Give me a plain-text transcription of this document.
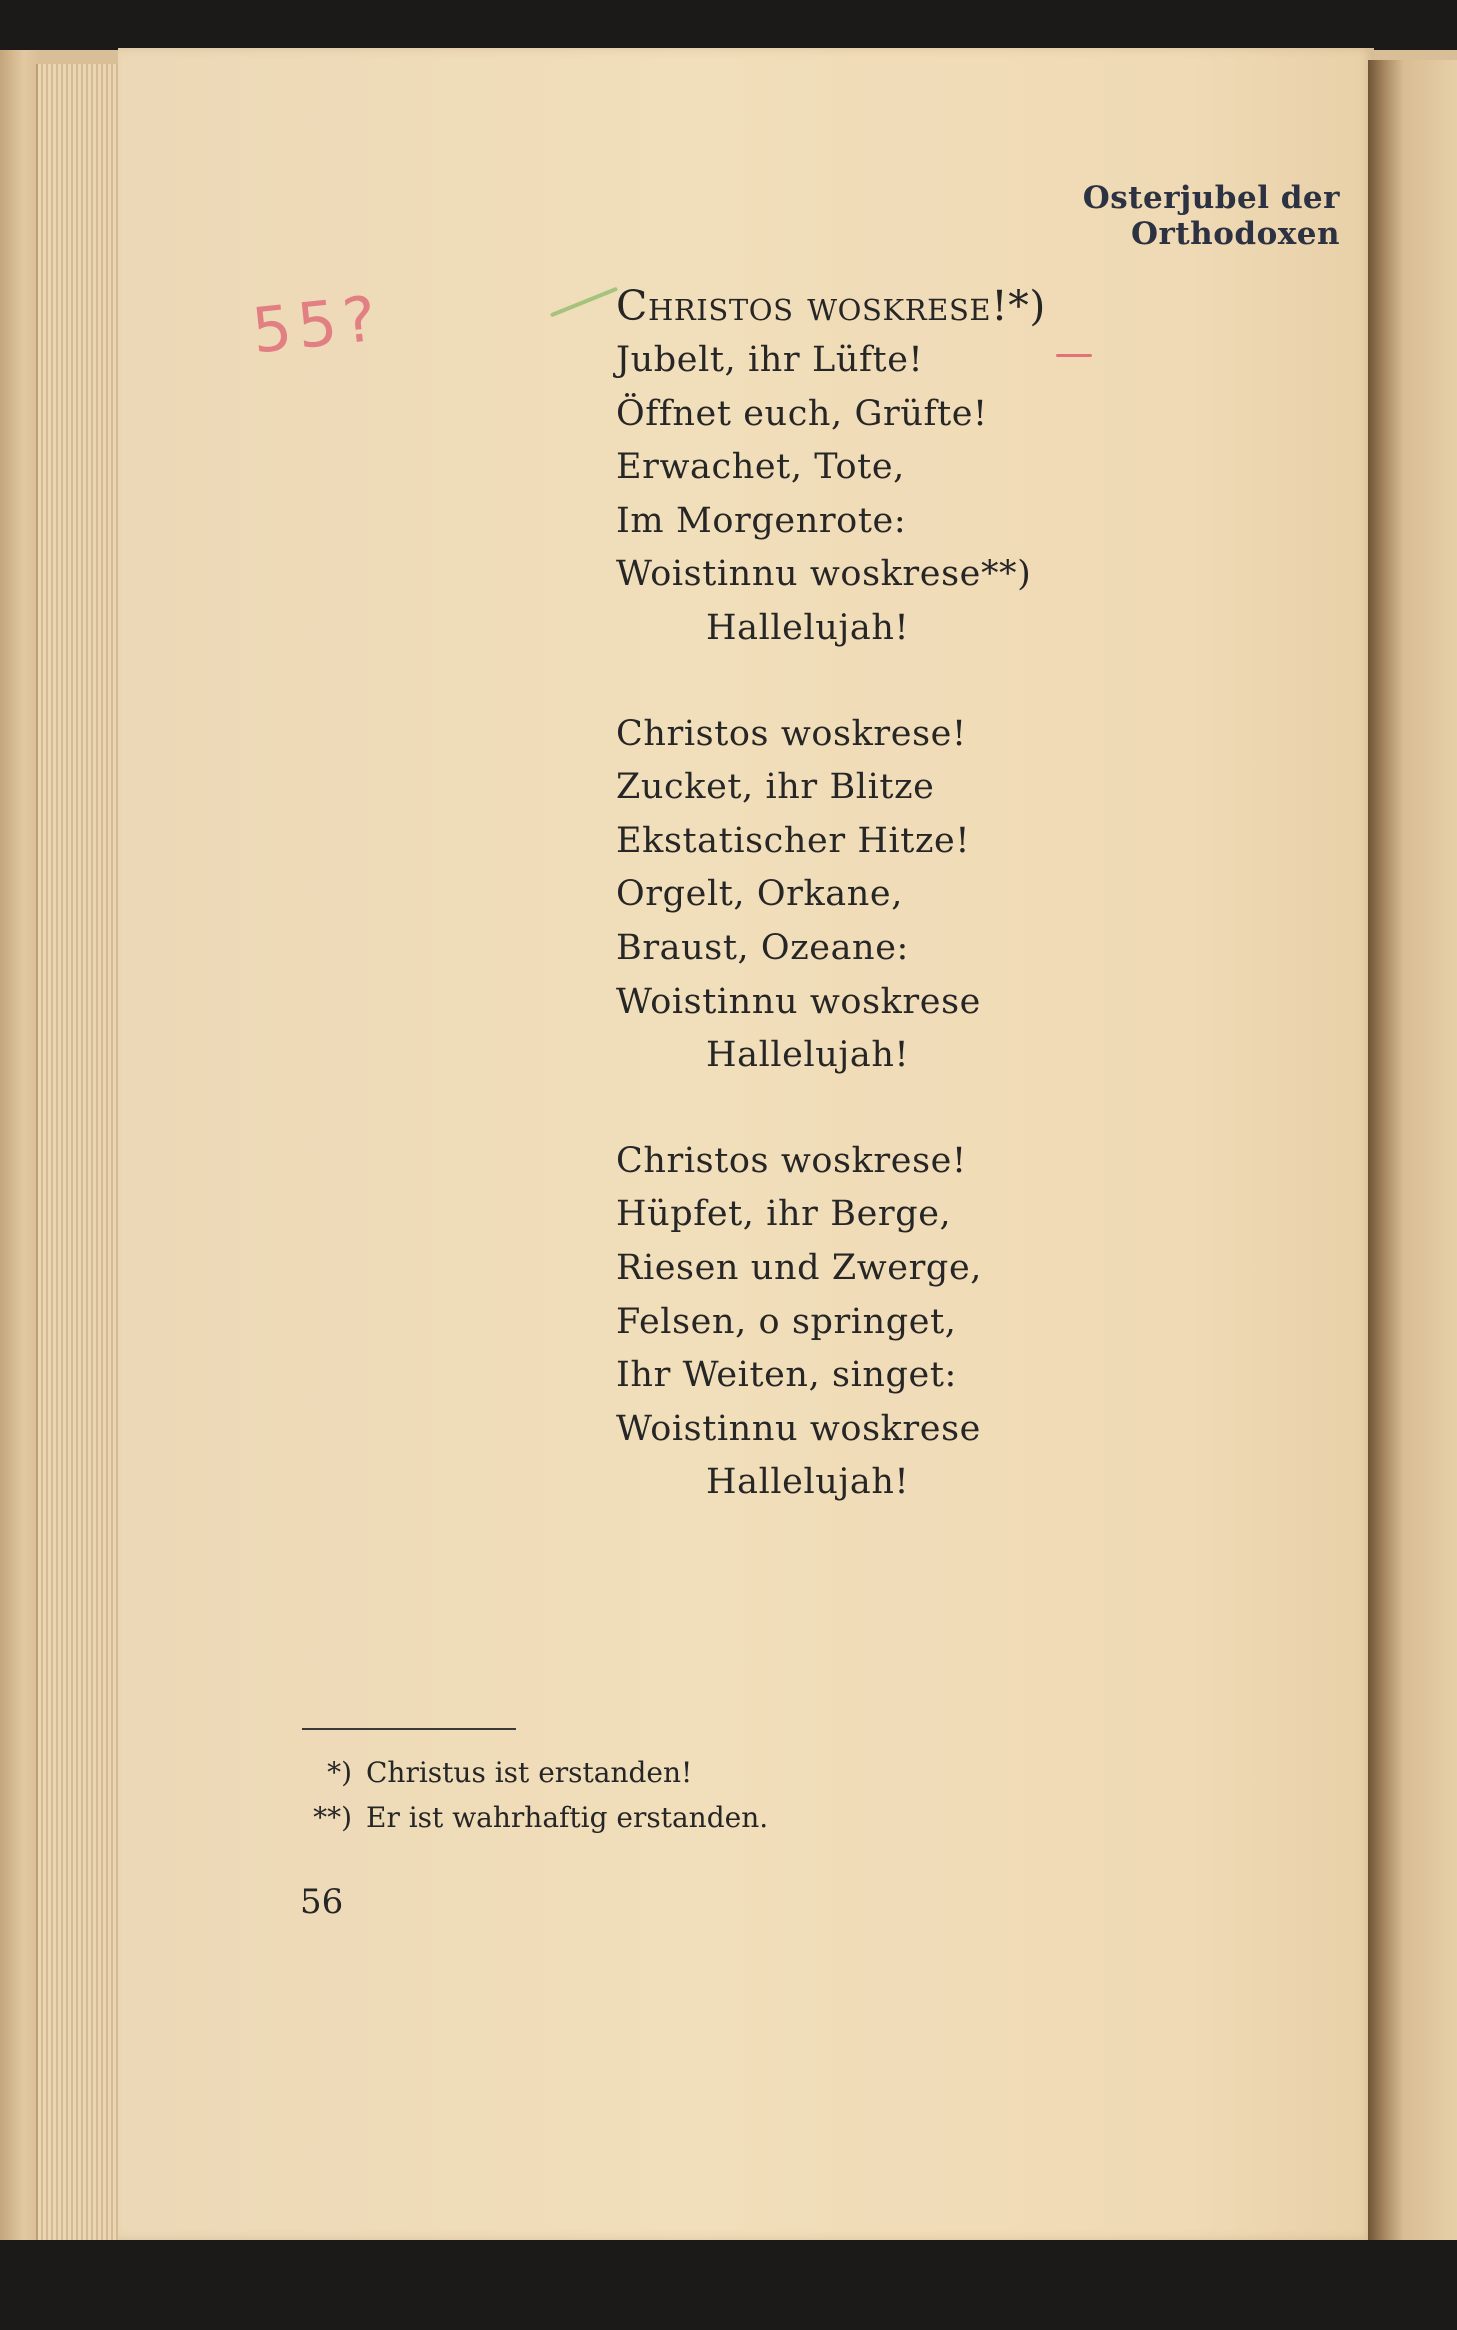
Osterjubel der Orthodoxen
55?	Christos woskrese!*)
Jubelt, ihr Lüfte!
Öffnet euch, Grüfte!
Erwachet, Tote,
Im Morgenrote:
Woistinnu woskrese**)
Hallelujah!
Christos woskrese!
Zucket, ihr Blitze
Ekstatischer Hitze!
Orgelt, Orkane,
Braust, Ozeane:
Woistinnu woskrese
Hallelujah!
Christos woskrese!
Hüpfet, ihr Berge,
Riesen und Zwerge,
Felsen, o springet,
Ihr Weiten, singet:
Woistinnu woskrese
Hallelujah!
*) Christus ist erstanden!
**) Er ist wahrhaftig erstanden.
56
